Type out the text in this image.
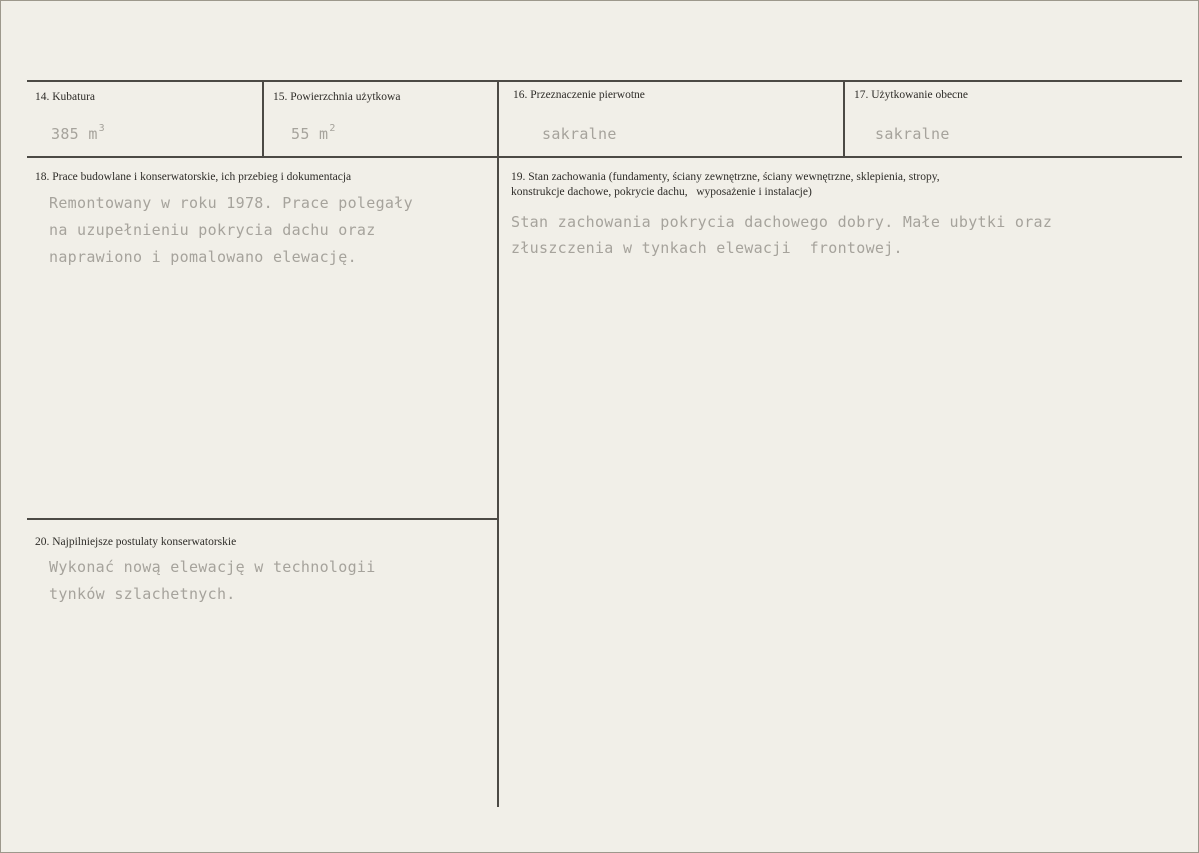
14. Kubatura
385 $m^3$
15. Powierzchnia użytkowa
55 $m^2$
16. Przeznaczenie pierwotne
sakralne
17. Użytkowanie obecne
sakralne
18. Prace budowlane i konserwatorskie, ich przebieg i dokumentacja
Remontowany w roku 1978. Prace polegały
na uzupełnieniu pokrycia dachu oraz
naprawiono i pomalowano elewację.
19. Stan zachowania (fundamenty, ściany zewnętrzne, ściany wewnętrzne, sklepienia, stropy,
konstrukcje dachowe, pokrycie dachu,   wyposażenie i instalacje)
Stan zachowania pokrycia dachowego dobry. Małe ubytki oraz
złuszczenia w tynkach elewacji  frontowej.
20. Najpilniejsze postulaty konserwatorskie
Wykonać nową elewację w technologii
tynków szlachetnych.
